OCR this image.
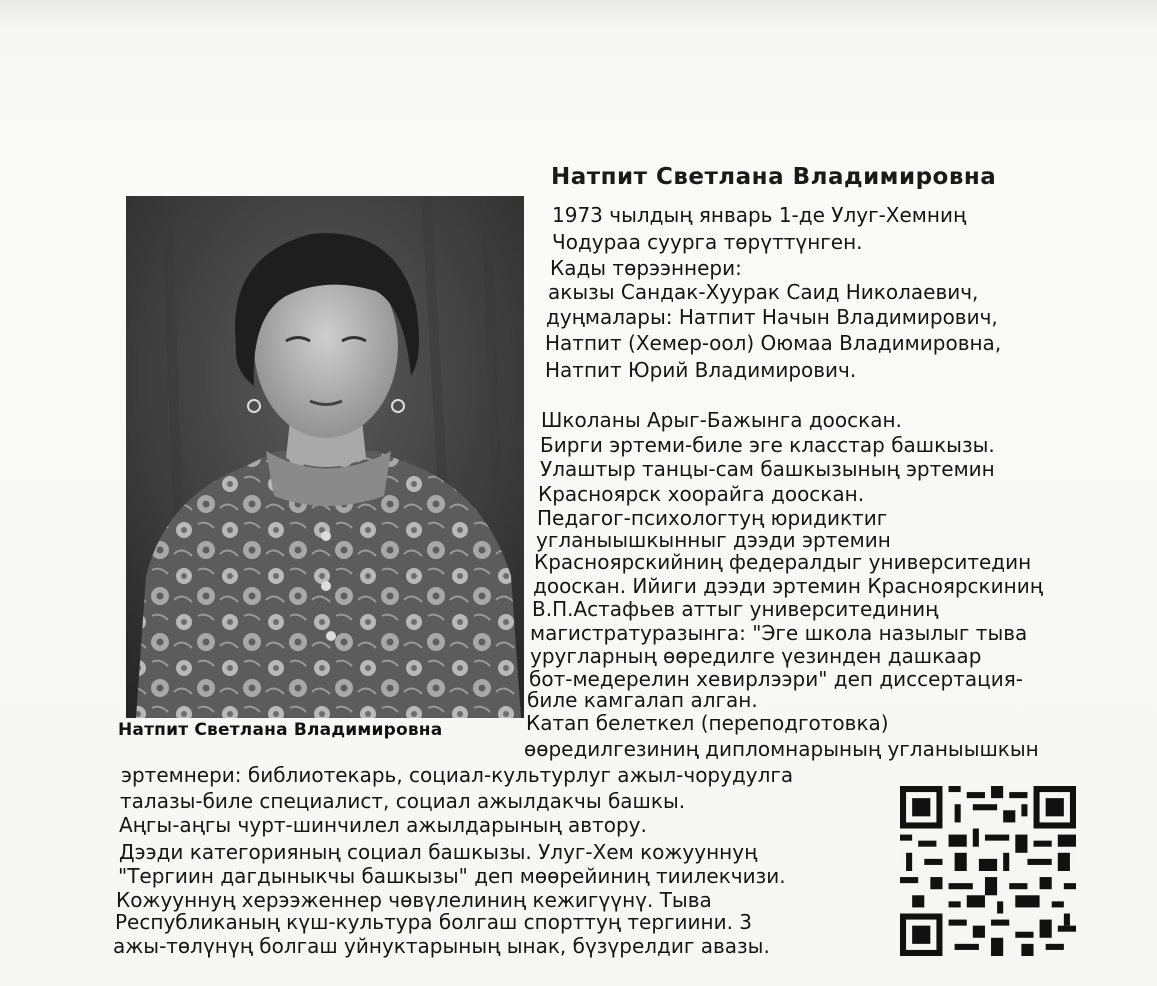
Натпит Светлана Владимировна
Натпит Светлана Владимировна
1973 чылдың январь 1-де Улуг-Хемниң
Чодураа суурга төрүттүнген.
Кады төрээннери:
акызы Сандак-Хуурак Саид Николаевич,
дуңмалары: Натпит Начын Владимирович,
Натпит (Хемер-оол) Оюмаа Владимировна,
Натпит Юрий Владимирович.
Школаны Арыг-Бажынга дооскан.
Бирги эртеми-биле эге класстар башкызы.
Улаштыр танцы-сам башкызының эртемин
Красноярск хоорайга дооскан.
Педагог-психологтуң юридиктиг
угланыышкынныг дээди эртемин
Красноярскийниң федералдыг университедин
дооскан. Ийиги дээди эртемин Красноярскиниң
В.П.Астафьев аттыг университединиң
магистратуразынга: "Эге школа назылыг тыва
уругларның өөредилге үезинден дашкаар
бот-медерелин хевирлээри" деп диссертация-
биле камгалап алган.
Катап белеткел (переподготовка)
өөредилгезиниң дипломнарының угланыышкын
эртемнери: библиотекарь, социал-культурлуг ажыл-чорудулга
талазы-биле специалист, социал ажылдакчы башкы.
Аңгы-аңгы чурт-шинчилел ажылдарының автору.
Дээди категорияның социал башкызы. Улуг-Хем кожууннуң
"Тергиин дагдыныкчы башкызы" деп мөөрейиниң тиилекчизи.
Кожууннуң херээженнер чөвүлелиниң кежигүүнү. Тыва
Республиканың күш-культура болгаш спорттуң тергиини. 3
ажы-төлүнүң болгаш уйнуктарының ынак, бүзүрелдиг авазы.
